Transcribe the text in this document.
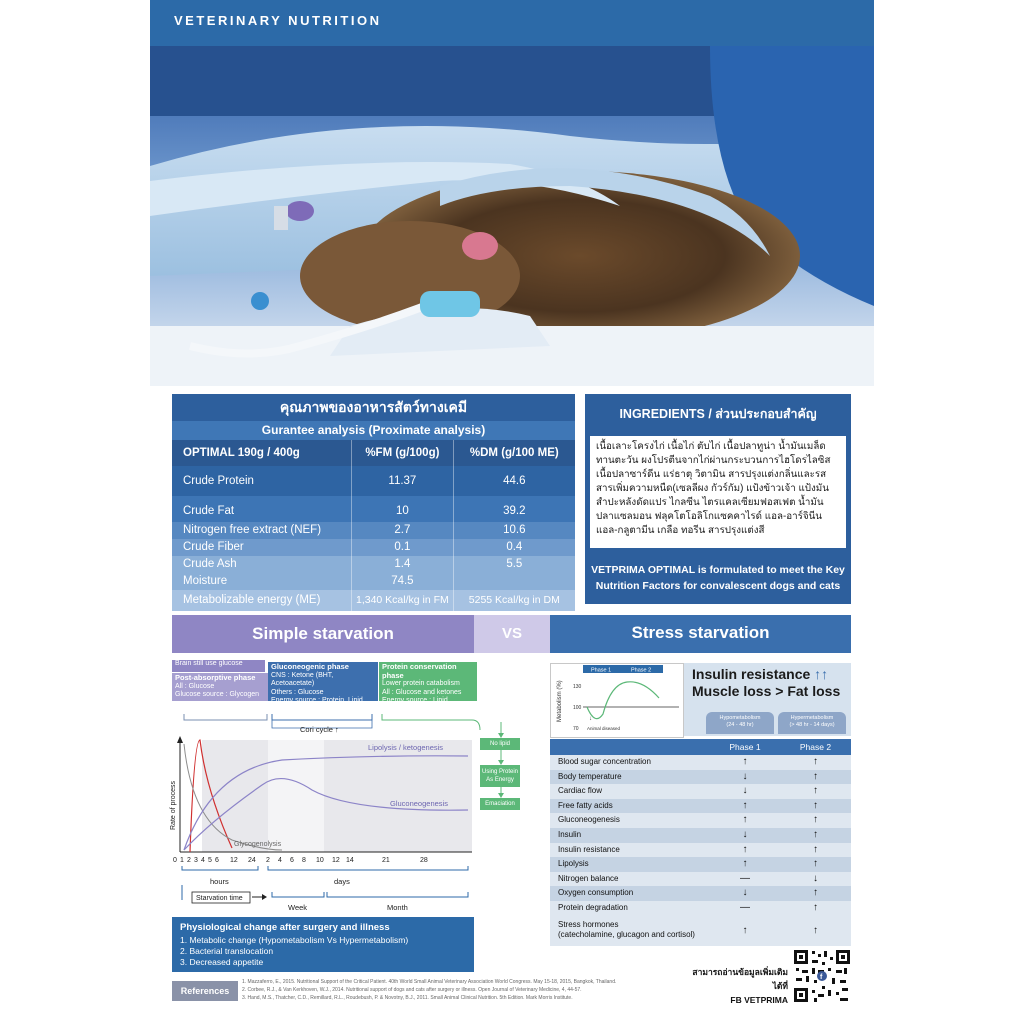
VETERINARY NUTRITION
คุณภาพของอาหารสัตว์ทางเคมี
Gurantee analysis (Proximate analysis)
OPTIMAL 190g / 400g	%FM (g/100g)	%DM (g/100 ME)
Crude Protein	11.37	44.6
Crude Fat	10	39.2
Nitrogen free extract (NEF)	2.7	10.6
Crude Fiber	0.1	0.4
Crude Ash	1.4	5.5
Moisture	74.5
Metabolizable energy (ME)	1,340 Kcal/kg in FM	5255 Kcal/kg in DM
INGREDIENTS / ส่วนประกอบสำคัญ
เนื้อเลาะโครงไก่ เนื้อไก่ ตับไก่ เนื้อปลาทูน่า น้ำมันเมล็ดทานตะวัน ผงโปรตีนจากไก่ผ่านกระบวนการไฮโดรไลซิส เนื้อปลาซาร์ดีน แร่ธาตุ วิตามิน สารปรุงแต่งกลิ่นและรส สารเพิ่มความหนืด(เซลลีผง กัวร์กัม) แป้งข้าวเจ้า แป้งมันสำปะหลังดัดแปร ไกลซีน ไตรแคลเซียมฟอสเฟต น้ำมันปลาแซลมอน ฟลุคโตโอลิโกแซคคาไรด์ แอล-อาร์จินีน แอล-กลูตามีน เกลือ ทอรีน สารปรุงแต่งสี
VETPRIMA OPTIMAL is formulated to meet the Key Nutrition Factors for convalescent dogs and cats
Simple starvation	VS	Stress starvation
Brain still use glucose
Post-absorptive phase
All : Glucose
Glucose source : Glycogen
Gluconeogenic phase
CNS : Ketone (BHT, Acetoacetate)
Others : Glucose
Energy source : Protein, Lipid
Protein conservation phase
Lower protein catabolism
All : Glucose and ketones
Energy source : Lipid
Cori cycle ↑
Rate of process
Lipolysis / ketogenesis
Gluconeogenesis
Glycogenolysis
0 1 2 3 4 5 6 12 24 2 4 6 8 10 12 14	21	28
hours	days
Starvation time
Week	Month
No lipid
Using Protein As Energy
Emaciation
Physiological change after surgery and illness
1. Metabolic change (Hypometabolism Vs Hypermetabolism)
2. Bacterial translocation
3. Decreased appetite
References
1. Mazzaferro, E., 2015. Nutritional Support of the Critical Patient. 40th World Small Animal Veterinary Association World Congress. May 15-18, 2015, Bangkok, Thailand.
2. Corbee, R.J., & Van Kerkhoven, W.J., 2014. Nutritional support of dogs and cats after surgery or illness. Open Journal of Veterinary Medicine, 4, 44-57.
3. Hand, M.S., Thatcher, C.D., Remillard, R.L., Roudebush, P. & Novotny, B.J., 2011. Small Animal Clinical Nutrition. 5th Edition. Mark Morris Institute.
Phase 1	Phase 2
Metabolism (%) 130
100
70
↓
Animal diseased
Insulin resistance ↑↑
Muscle loss > Fat loss
Hypometabolism
(24 - 48 hr)
Hypermetabolism
(> 48 hr - 14 days)
Phase 1	Phase 2
Blood sugar concentration	↑	↑
Body temperature	↓	↑
Cardiac flow	↓	↑
Free fatty acids	↑	↑
Gluconeogenesis	↑	↑
Insulin	↓	↑
Insulin resistance	↑	↑
Lipolysis	↑	↑
Nitrogen balance	—	↓
Oxygen consumption	↓	↑
Protein degradation	—	↑
Stress hormones
(catecholamine, glucagon and cortisol)	↑	↑
สามารถอ่านข้อมูลเพิ่มเติมได้ที่
FB VETPRIMA
f
